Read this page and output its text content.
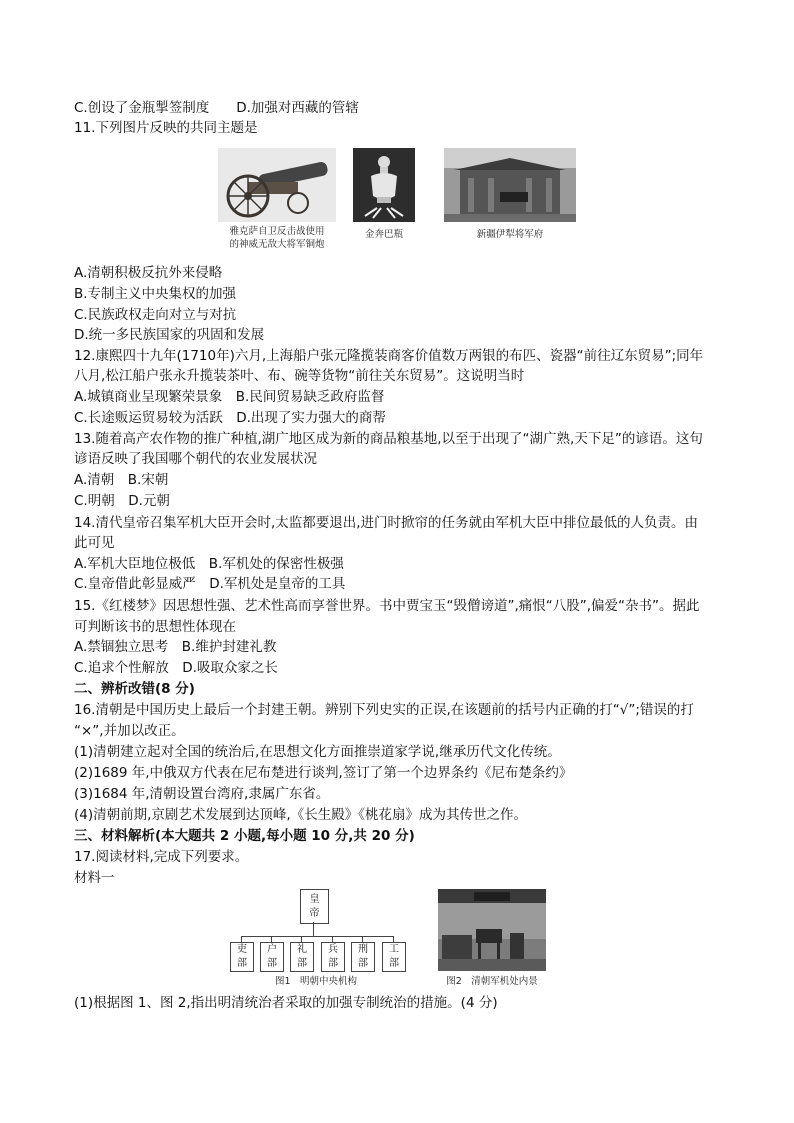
C.创设了金瓶掣签制度　　D.加强对西藏的管辖
11.下列图片反映的共同主题是
雅克萨自卫反击战使用
的神威无敌大将军铜炮
金奔巴瓶	新疆伊犁将军府
A.清朝积极反抗外来侵略
B.专制主义中央集权的加强
C.民族政权走向对立与对抗
D.统一多民族国家的巩固和发展
12.康熙四十九年(1710年)六月,上海船户张元隆揽装商客价值数万两银的布匹、瓷器“前往辽东贸易”;同年
八月,松江船户张永升揽装茶叶、布、碗等货物“前往关东贸易”。这说明当时
A.城镇商业呈现繁荣景象　B.民间贸易缺乏政府监督
C.长途贩运贸易较为活跃　D.出现了实力强大的商帮
13.随着高产农作物的推广种植,湖广地区成为新的商品粮基地,以至于出现了“湖广熟,天下足”的谚语。这句
谚语反映了我国哪个朝代的农业发展状况
A.清朝　B.宋朝
C.明朝　D.元朝
14.清代皇帝召集军机大臣开会时,太监都要退出,进门时掀帘的任务就由军机大臣中排位最低的人负责。由
此可见
A.军机大臣地位极低　B.军机处的保密性极强
C.皇帝借此彰显威严　D.军机处是皇帝的工具
15.《红楼梦》因思想性强、艺术性高而享誉世界。书中贾宝玉“毁僧谤道”,痛恨“八股”,偏爱“杂书”。据此
可判断该书的思想性体现在
A.禁锢独立思考　B.维护封建礼教
C.追求个性解放　D.吸取众家之长
二、辨析改错(8 分)
16.清朝是中国历史上最后一个封建王朝。辨别下列史实的正误,在该题前的括号内正确的打“√”;错误的打
“×”,并加以改正。
(1)清朝建立起对全国的统治后,在思想文化方面推崇道家学说,继承历代文化传统。
(2)1689 年,中俄双方代表在尼布楚进行谈判,签订了第一个边界条约《尼布楚条约》
(3)1684 年,清朝设置台湾府,隶属广东省。
(4)清朝前期,京剧艺术发展到达顶峰,《长生殿》《桃花扇》成为其传世之作。
三、材料解析(本大题共 2 小题,每小题 10 分,共 20 分)
17.阅读材料,完成下列要求。
材料一
皇
帝
吏
部
户
部
礼
部
兵
部
刑
部
工
部
图1　明朝中央机构	图2　清朝军机处内景
(1)根据图 1、图 2,指出明清统治者采取的加强专制统治的措施。(4 分)
